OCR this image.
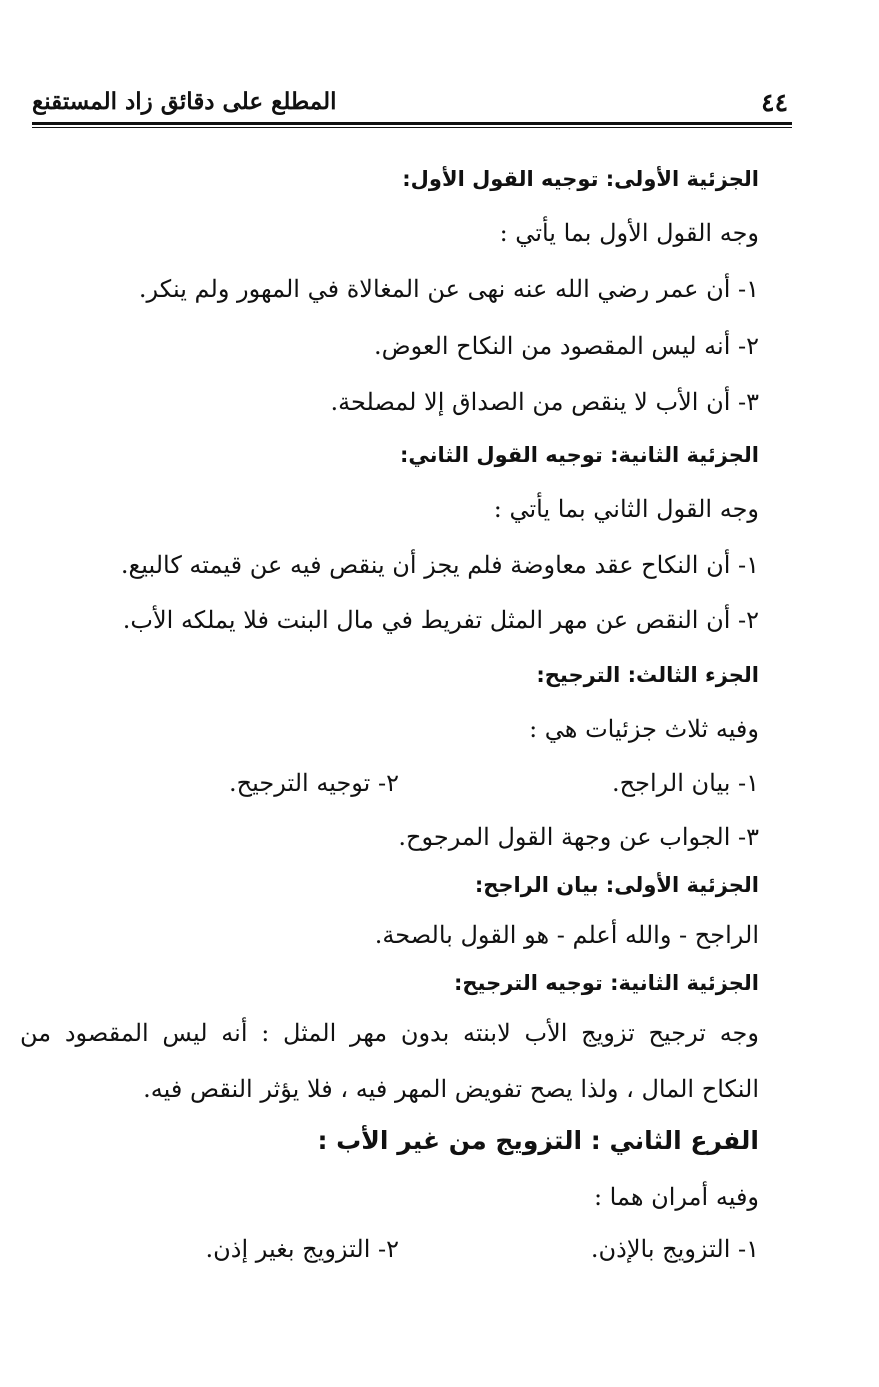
٤٤
المطلع على دقائق زاد المستقنع
الجزئية الأولى: توجيه القول الأول:
وجه القول الأول بما يأتي :
١- أن عمر رضي الله عنه نهى عن المغالاة في المهور ولم ينكر.
٢- أنه ليس المقصود من النكاح العوض.
٣- أن الأب لا ينقص من الصداق إلا لمصلحة.
الجزئية الثانية: توجيه القول الثاني:
وجه القول الثاني بما يأتي :
١- أن النكاح عقد معاوضة فلم يجز أن ينقص فيه عن قيمته كالبيع.
٢- أن النقص عن مهر المثل تفريط في مال البنت فلا يملكه الأب.
الجزء الثالث: الترجيح:
وفيه ثلاث جزئيات هي :
١- بيان الراجح.
٢- توجيه الترجيح.
٣- الجواب عن وجهة القول المرجوح.
الجزئية الأولى: بيان الراجح:
الراجح - والله أعلم - هو القول بالصحة.
الجزئية الثانية: توجيه الترجيح:
وجه ترجيح تزويج الأب لابنته بدون مهر المثل : أنه ليس المقصود من
النكاح المال ، ولذا يصح تفويض المهر فيه ، فلا يؤثر النقص فيه.
الفرع الثاني : التزويج من غير الأب :
وفيه أمران هما :
١- التزويج بالإذن.
٢- التزويج بغير إذن.
